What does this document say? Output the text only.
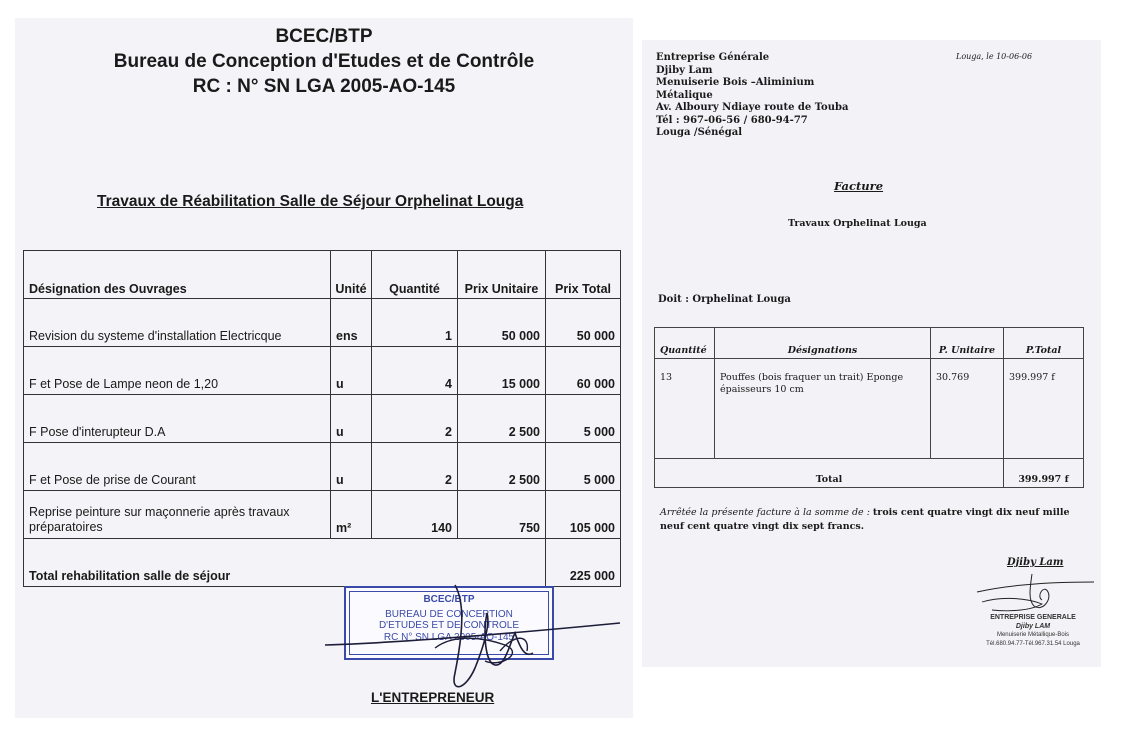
BCEC/BTP
Bureau de Conception d'Etudes et de Contrôle
RC : N° SN LGA 2005-AO-145
Travaux de Réabilitation Salle de Séjour Orphelinat Louga
Désignation des Ouvrages	Unité	Quantité	Prix Unitaire	Prix Total
Revision du systeme d'installation Electricque	ens	1	50 000	50 000
F et Pose de Lampe neon de 1,20	u	4	15 000	60 000
F Pose d'interupteur D.A	u	2	2 500	5 000
F et Pose de prise de Courant	u	2	2 500	5 000
Reprise peinture sur maçonnerie après travaux préparatoires	m²	140	750	105 000
Total rehabilitation salle de séjour				225 000
BCEC/BTP
BUREAU DE CONCEPTION
D'ETUDES ET DE CONTROLE
RC N° SN LGA 2005-AO-145
L'ENTREPRENEUR
Entreprise Générale
Djiby Lam
Menuiserie Bois –Aliminium
Métalique
Av. Alboury Ndiaye route de Touba
Tél : 967-06-56 / 680-94-77
Louga /Sénégal
Louga, le 10-06-06
Facture
Travaux Orphelinat Louga
Doit : Orphelinat Louga
Quantité	Désignations	P. Unitaire	P.Total
13	Pouffes (bois fraquer un trait) Eponge épaisseurs 10 cm	30.769	399.997 f
Total			399.997 f
Arrêtée la présente facture à la somme de : trois cent quatre vingt dix neuf mille neuf cent quatre vingt dix sept francs.
Djiby Lam
ENTREPRISE GENERALE
Djiby LAM
Menuiserie Métallique-Bois
Tél.680.94.77-Tél.967.31.54 Louga
